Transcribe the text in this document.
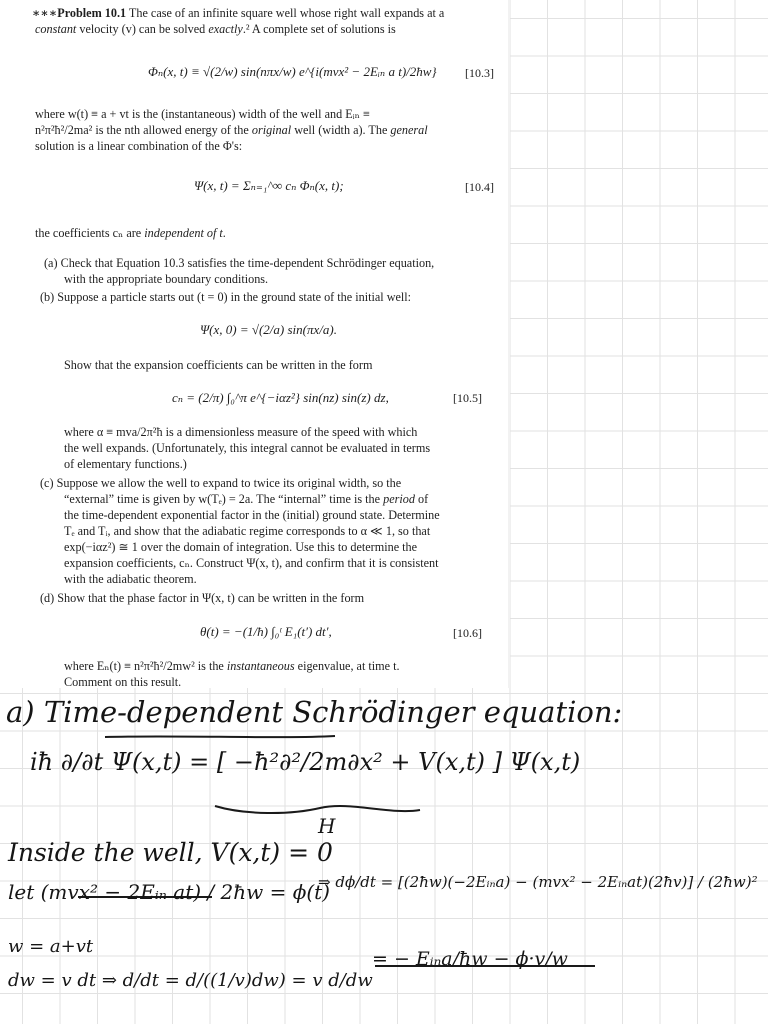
∗∗∗Problem 10.1 The case of an infinite square well whose right wall expands at a
constant velocity (v) can be solved exactly.² A complete set of solutions is
Φₙ(x, t) ≡ √(2/w) sin(nπx/w) e^{i(mvx² − 2Eᵢₙ a t)/2ħw} [10.3]
where w(t) ≡ a + vt is the (instantaneous) width of the well and Eᵢₙ ≡
n²π²ħ²/2ma² is the nth allowed energy of the original well (width a). The general
solution is a linear combination of the Φ's:
Ψ(x, t) = Σₙ₌₁^∞ cₙ Φₙ(x, t);	[10.4]
the coefficients cₙ are independent of t.
(a) Check that Equation 10.3 satisfies the time-dependent Schrödinger equation,
with the appropriate boundary conditions.
(b) Suppose a particle starts out (t = 0) in the ground state of the initial well:
Ψ(x, 0) = √(2/a) sin(πx/a).
Show that the expansion coefficients can be written in the form
cₙ = (2/π) ∫₀^π e^{−iαz²} sin(nz) sin(z) dz,	[10.5]
where α ≡ mva/2π²ħ is a dimensionless measure of the speed with which
the well expands. (Unfortunately, this integral cannot be evaluated in terms
of elementary functions.)
(c) Suppose we allow the well to expand to twice its original width, so the
“external” time is given by w(Tₑ) = 2a. The “internal” time is the period of
the time-dependent exponential factor in the (initial) ground state. Determine
Tₑ and Tᵢ, and show that the adiabatic regime corresponds to α ≪ 1, so that
exp(−iαz²) ≅ 1 over the domain of integration. Use this to determine the
expansion coefficients, cₙ. Construct Ψ(x, t), and confirm that it is consistent
with the adiabatic theorem.
(d) Show that the phase factor in Ψ(x, t) can be written in the form
θ(t) = −(1/ħ) ∫₀ᵗ E₁(t′) dt′,	[10.6]
where Eₙ(t) ≡ n²π²ħ²/2mw² is the instantaneous eigenvalue, at time t.
Comment on this result.
a) Time-dependent Schrödinger equation:
iħ ∂/∂t Ψ(x,t) = [ −ħ²∂²/2m∂x² + V(x,t) ] Ψ(x,t)
H
Inside the well, V(x,t) = 0
let (mvx² − 2Eᵢₙ at) / 2ħw = ϕ(t)
⇒ dϕ/dt = [(2ħw)(−2Eᵢₙa) − (mvx² − 2Eᵢₙat)(2ħv)] / (2ħw)²
w = a+vt
dw = v dt ⇒ d/dt = d/((1/v)dw) = v d/dw
= − Eᵢₙa/ħw − ϕ·v/w
